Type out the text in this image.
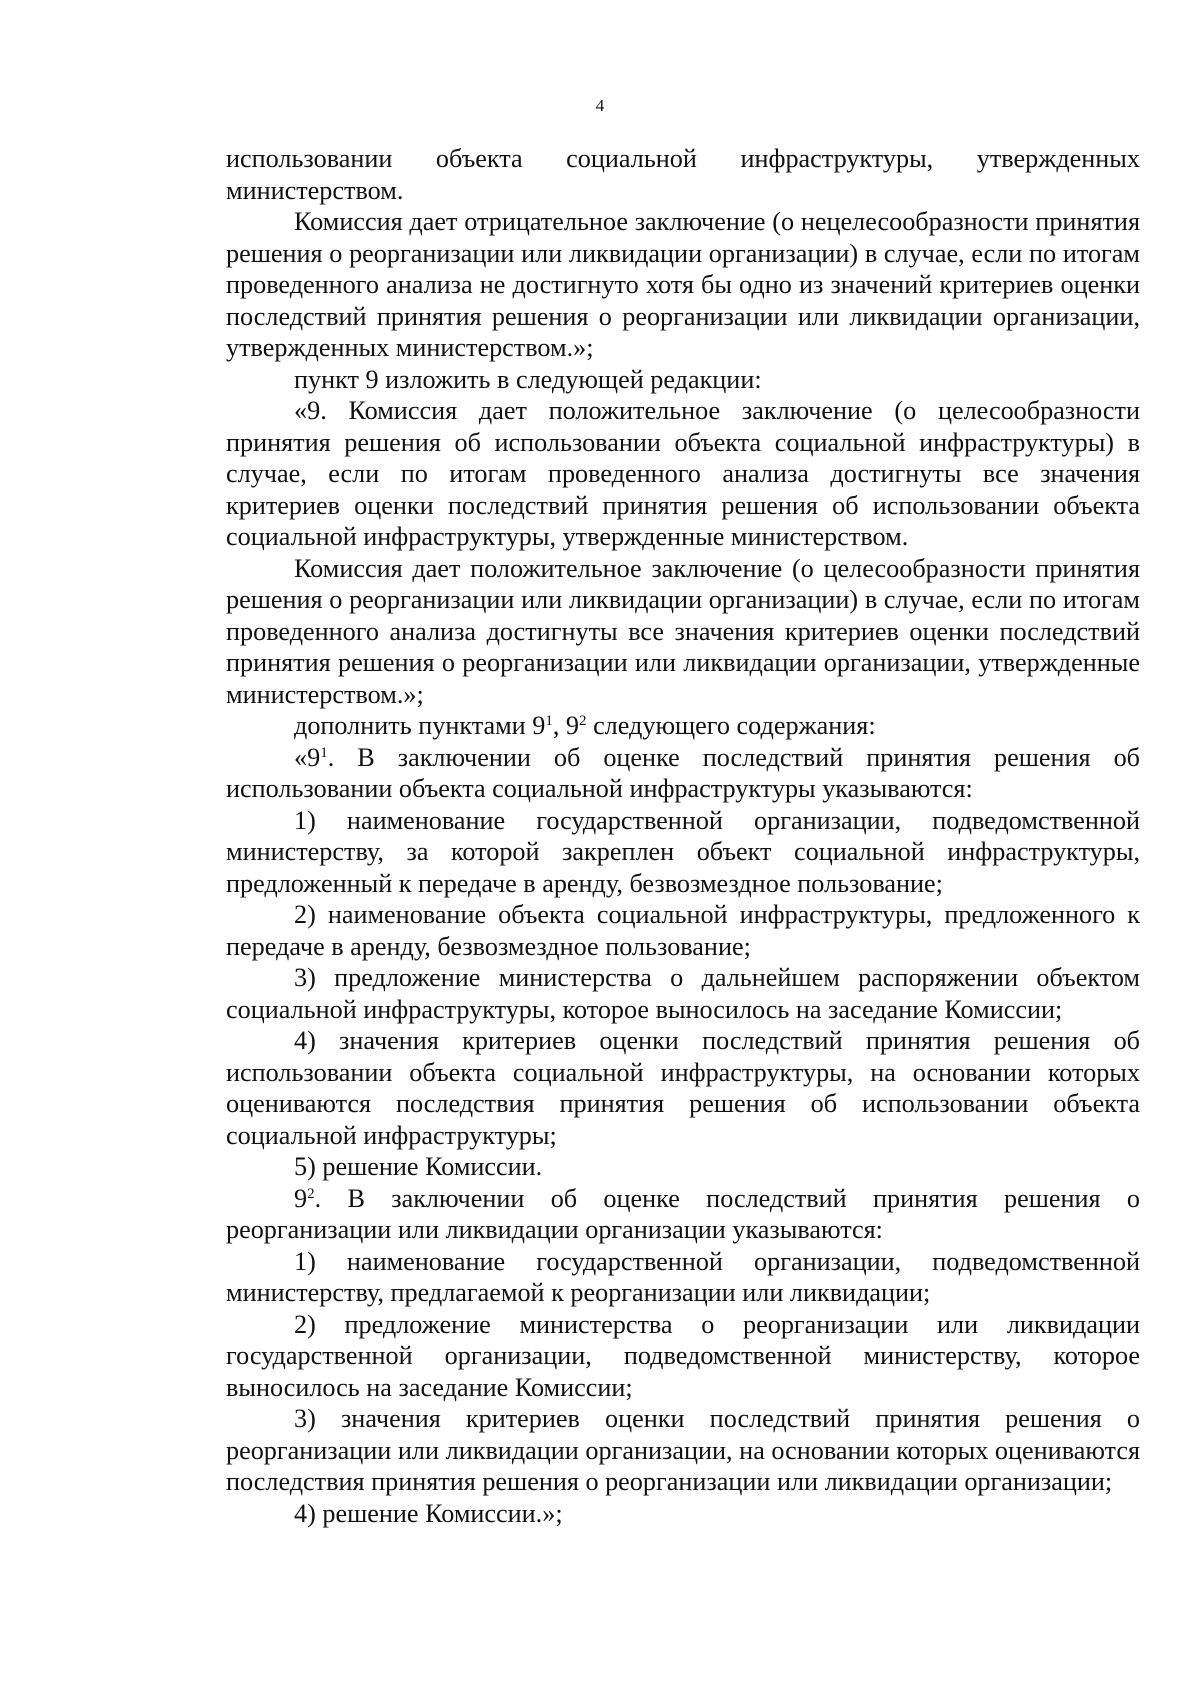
4

использовании объекта социальной инфраструктуры, утвержденных министерством.

Комиссия дает отрицательное заключение (о нецелесообразности принятия решения о реорганизации или ликвидации организации) в случае, если по итогам проведенного анализа не достигнуто хотя бы одно из значений критериев оценки последствий принятия решения о реорганизации или ликвидации организации, утвержденных министерством.»;

пункт 9 изложить в следующей редакции:

«9. Комиссия дает положительное заключение (о целесообразности принятия решения об использовании объекта социальной инфраструктуры) в случае, если по итогам проведенного анализа достигнуты все значения критериев оценки последствий принятия решения об использовании объекта социальной инфраструктуры, утвержденные министерством.

Комиссия дает положительное заключение (о целесообразности принятия решения о реорганизации или ликвидации организации) в случае, если по итогам проведенного анализа достигнуты все значения критериев оценки последствий принятия решения о реорганизации или ликвидации организации, утвержденные министерством.»;

дополнить пунктами $9^1$, $9^2$ следующего содержания:

«$9^1$. В заключении об оценке последствий принятия решения об использовании объекта социальной инфраструктуры указываются:

1) наименование государственной организации, подведомственной министерству, за которой закреплен объект социальной инфраструктуры, предложенный к передаче в аренду, безвозмездное пользование;

2) наименование объекта социальной инфраструктуры, предложенного к передаче в аренду, безвозмездное пользование;

3) предложение министерства о дальнейшем распоряжении объектом социальной инфраструктуры, которое выносилось на заседание Комиссии;

4) значения критериев оценки последствий принятия решения об использовании объекта социальной инфраструктуры, на основании которых оцениваются последствия принятия решения об использовании объекта социальной инфраструктуры;

5) решение Комиссии.

$9^2$. В заключении об оценке последствий принятия решения о реорганизации или ликвидации организации указываются:

1) наименование государственной организации, подведомственной министерству, предлагаемой к реорганизации или ликвидации;

2) предложение министерства о реорганизации или ликвидации государственной организации, подведомственной министерству, которое выносилось на заседание Комиссии;

3) значения критериев оценки последствий принятия решения о реорганизации или ликвидации организации, на основании которых оцениваются последствия принятия решения о реорганизации или ликвидации организации;

4) решение Комиссии.»;
